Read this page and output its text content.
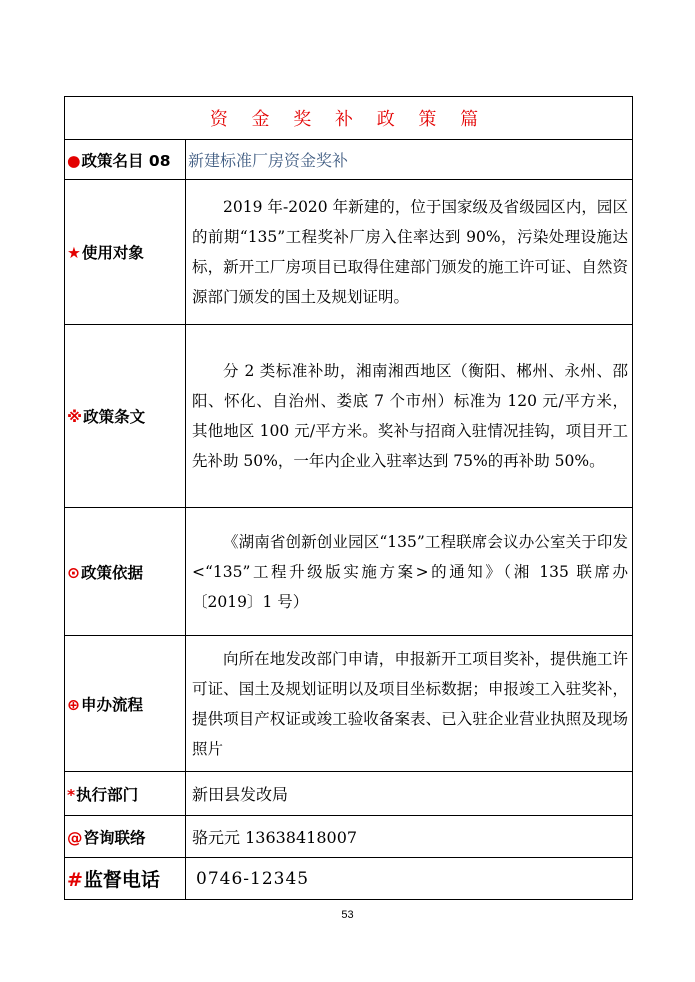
资 金 奖 补 政 策 篇	
●政策名目 08	新建标准厂房资金奖补
★使用对象	2019 年-2020 年新建的，位于国家级及省级园区内，园区的前期“135”工程奖补厂房入住率达到 90%，污染处理设施达标，新开工厂房项目已取得住建部门颁发的施工许可证、自然资源部门颁发的国土及规划证明。

※政策条文	分 2 类标准补助，湘南湘西地区（衡阳、郴州、永州、邵阳、怀化、自治州、娄底 7 个市州）标准为 120 元/平方米，其他地区 100 元/平方米。奖补与招商入驻情况挂钩，项目开工先补助 50%，一年内企业入驻率达到 75%的再补助 50%。

⊙政策依据	《湖南省创新创业园区“135”工程联席会议办公室关于印发<“135”工程升级版实施方案>的通知》（湘 135 联席办〔2019〕1 号）

⊕申办流程	向所在地发改部门申请，申报新开工项目奖补，提供施工许可证、国土及规划证明以及项目坐标数据；申报竣工入驻奖补，提供项目产权证或竣工验收备案表、已入驻企业营业执照及现场照片

*执行部门	新田县发改局
@咨询联络	骆元元 13638418007
#监督电话	0746-12345
53
